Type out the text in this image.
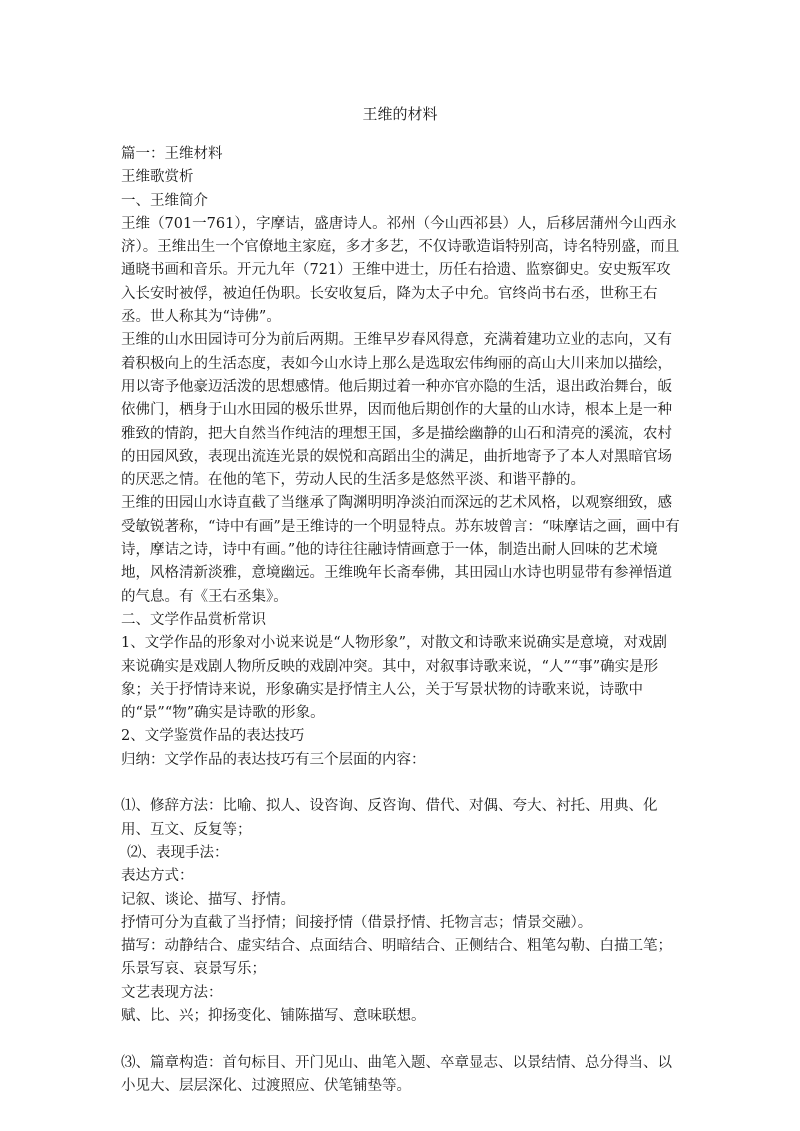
王维的材料

篇一：王维材料

王维歌赏析

一、王维简介

王维（701一761），字摩诘，盛唐诗人。祁州（今山西祁县）人，后移居蒲州今山西永济）。王维出生一个官僚地主家庭，多才多艺，不仅诗歌造诣特别高，诗名特别盛，而且通晓书画和音乐。开元九年（721）王维中进士，历任右拾遗、监察御史。安史叛军攻入长安时被俘，被迫任伪职。长安收复后，降为太子中允。官终尚书右丞，世称王右丞。世人称其为“诗佛”。

王维的山水田园诗可分为前后两期。王维早岁春风得意，充满着建功立业的志向，又有着积极向上的生活态度，表如今山水诗上那么是选取宏伟绚丽的高山大川来加以描绘，用以寄予他豪迈活泼的思想感情。他后期过着一种亦官亦隐的生活，退出政治舞台，皈依佛门，栖身于山水田园的极乐世界，因而他后期创作的大量的山水诗，根本上是一种雅致的情韵，把大自然当作纯洁的理想王国，多是描绘幽静的山石和清亮的溪流，农村的田园风致，表现出流连光景的娱悦和高蹈出尘的满足，曲折地寄予了本人对黑暗官场的厌恶之情。在他的笔下，劳动人民的生活多是悠然平淡、和谐平静的。

王维的田园山水诗直截了当继承了陶渊明明净淡泊而深远的艺术风格，以观察细致，感受敏锐著称，“诗中有画”是王维诗的一个明显特点。苏东坡曾言：“味摩诘之画，画中有诗，摩诘之诗，诗中有画。”他的诗往往融诗情画意于一体，制造出耐人回味的艺术境地，风格清新淡雅，意境幽远。王维晚年长斋奉佛，其田园山水诗也明显带有参禅悟道的气息。有《王右丞集》。

二、文学作品赏析常识

1、文学作品的形象对小说来说是“人物形象”，对散文和诗歌来说确实是意境，对戏剧来说确实是戏剧人物所反映的戏剧冲突。其中，对叙事诗歌来说，“人”“事”确实是形象；关于抒情诗来说，形象确实是抒情主人公，关于写景状物的诗歌来说，诗歌中的“景”“物”确实是诗歌的形象。

2、文学鉴赏作品的表达技巧

归纳：文学作品的表达技巧有三个层面的内容：

⑴、修辞方法：比喻、拟人、设咨询、反咨询、借代、对偶、夸大、衬托、用典、化用、互文、反复等；

⑵、表现手法：

表达方式：

记叙、谈论、描写、抒情。

抒情可分为直截了当抒情；间接抒情（借景抒情、托物言志；情景交融）。

描写：动静结合、虚实结合、点面结合、明暗结合、正侧结合、粗笔勾勒、白描工笔；乐景写哀、哀景写乐；

文艺表现方法：

赋、比、兴；抑扬变化、铺陈描写、意味联想。

⑶、篇章构造：首句标目、开门见山、曲笔入题、卒章显志、以景结情、总分得当、以小见大、层层深化、过渡照应、伏笔铺垫等。
